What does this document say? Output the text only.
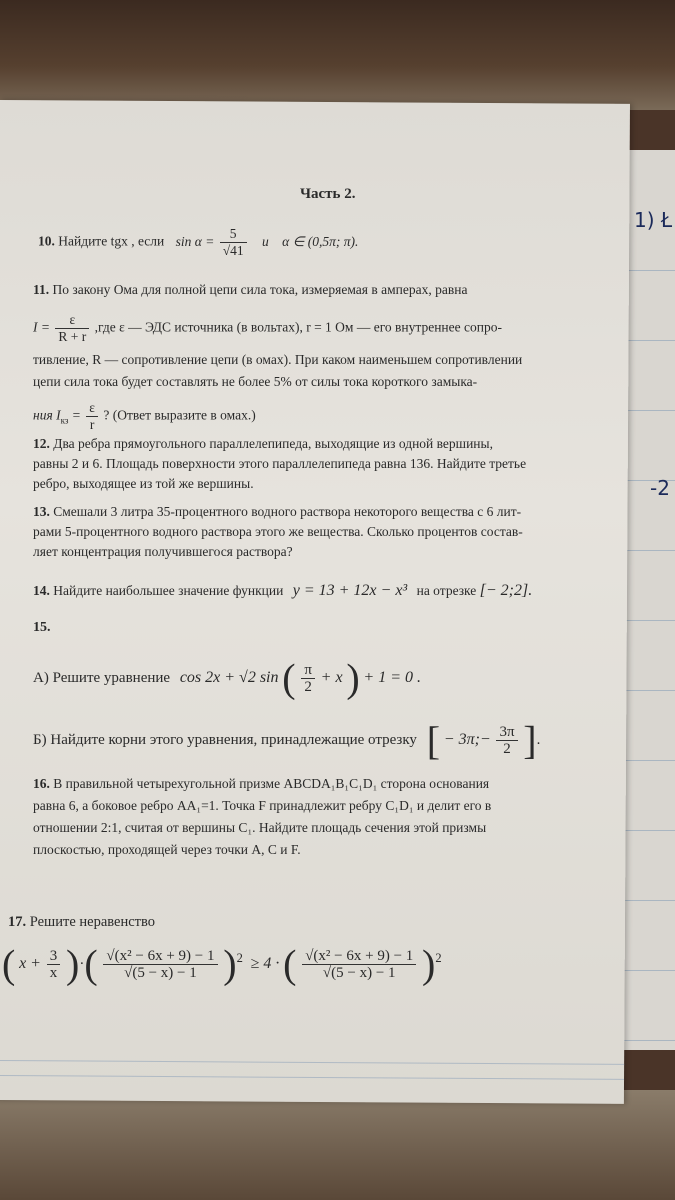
1) Ł
-2
Часть 2.
10. Найдите tgx , если $\sin \alpha = \frac{5}{√41}$ и α ∈ (0,5π; π).
11. По закону Ома для полной цепи сила тока, измеряемая в амперах, равна
$I = \frac{\varepsilon}{R + r} ,где$ ε — ЭДС источника (в вольтах), r = 1 Ом — его внутреннее сопро-
тивление, R — сопротивление цепи (в омах). При каком наименьшем сопротивлении
цепи сила тока будет составлять не более 5% от силы тока короткого замыка-
ния $I_{кз} = \frac{\varepsilon}{r}$ ? (Ответ выразите в омах.)
12. Два ребра прямоугольного параллелепипеда, выходящие из одной вершины,
равны 2 и 6. Площадь поверхности этого параллелепипеда равна 136. Найдите третье
ребро, выходящее из той же вершины.
13. Смешали 3 литра 35-процентного водного раствора некоторого вещества с 6 лит-
рами 5-процентного водного раствора этого же вещества. Сколько процентов состав-
ляет концентрация получившегося раствора?
14. Найдите наибольшее значение функции y = 13 + 12x − x³ на отрезке [− 2;2].
15.
А) Решите уравнение cos 2x + √2 sin ( $\frac{\pi}{2} + x$ ) + 1 = 0 .
Б) Найдите корни этого уравнения, принадлежащие отрезку [ − 3π;− $\frac{3\pi}{2}$ ].
16. В правильной четырехугольной призме ABCDA₁B₁C₁D₁ сторона основания
равна 6, а боковое ребро AA₁=1. Точка F принадлежит ребру C₁D₁ и делит его в
отношении 2:1, считая от вершины C₁. Найдите площадь сечения этой призмы
плоскостью, проходящей через точки A, C и F.
17. Решите неравенство
( $x + \frac{3}{x}$ )·( $\frac{\text{√(x² − 6x + 9) − 1}}{√(5 - x) - 1} )^2 \ge 4$ · ( $\frac{\text{√(x² − 6x + 9) − 1}}{√(5 - x) - 1} )^2$
